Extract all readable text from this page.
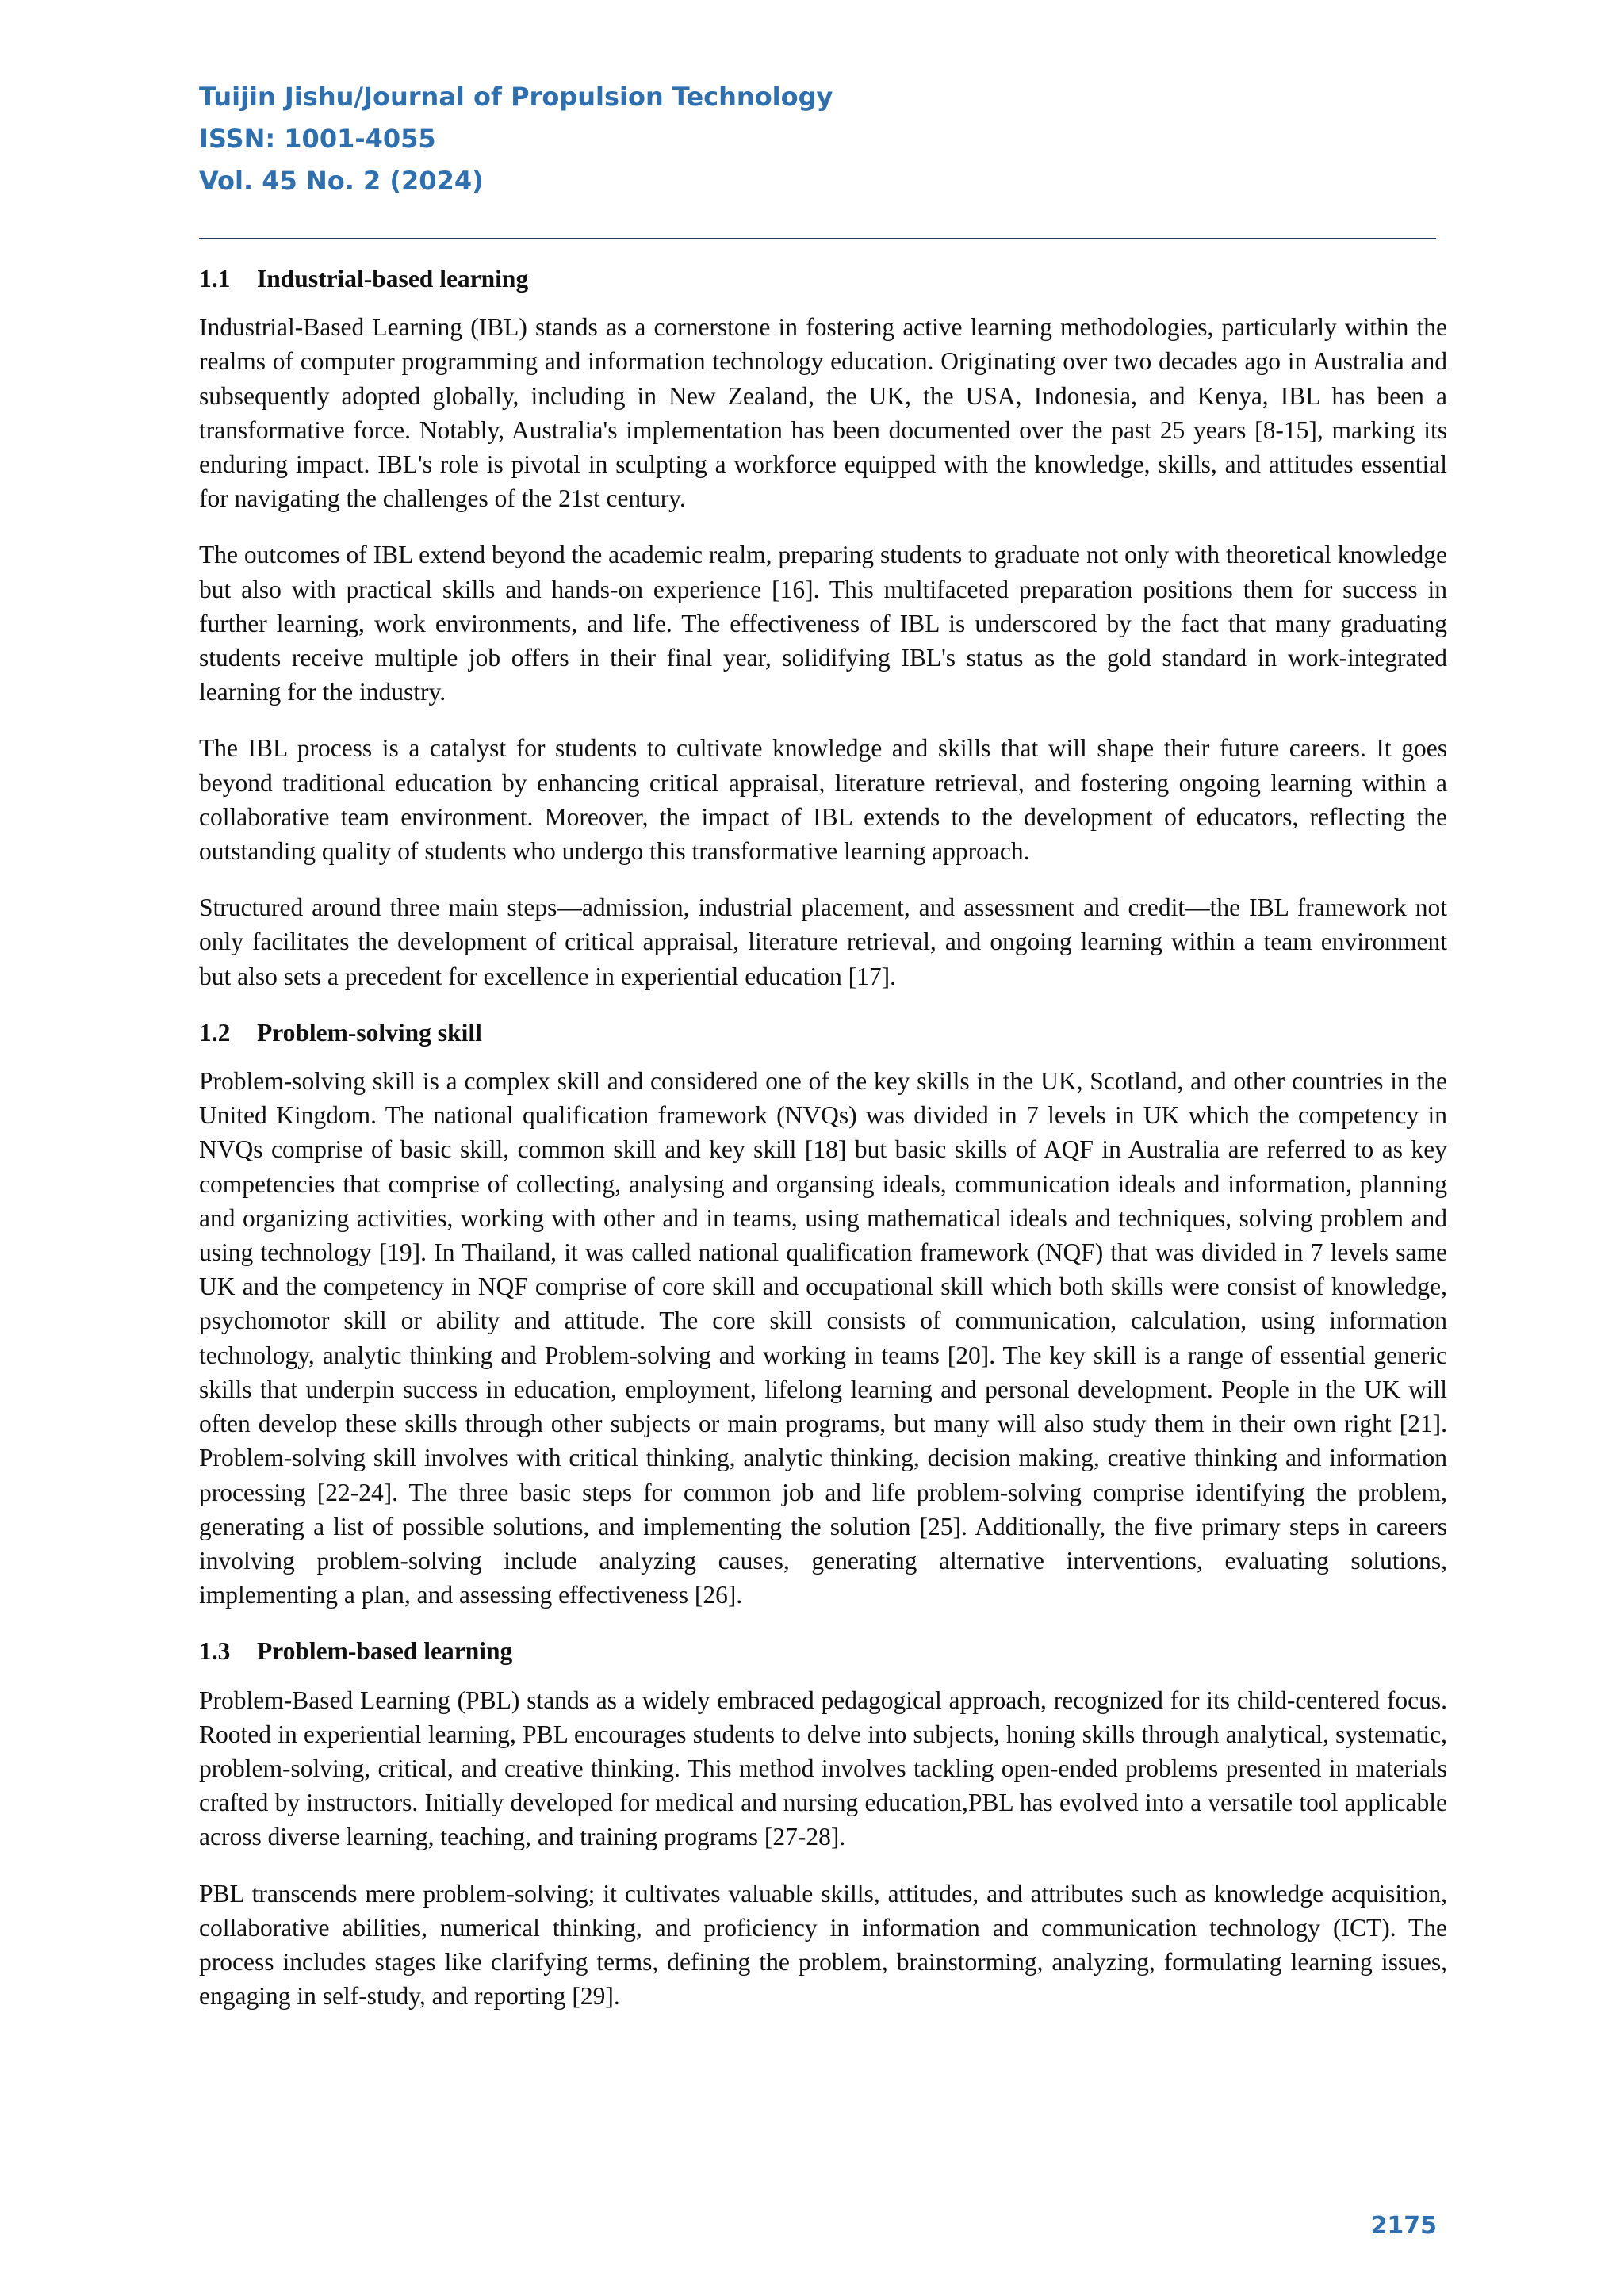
Tuijin Jishu/Journal of Propulsion Technology
ISSN: 1001-4055
Vol. 45 No. 2 (2024)
1.1 Industrial-based learning

Industrial-Based Learning (IBL) stands as a cornerstone in fostering active learning methodologies, particularly within the realms of computer programming and information technology education. Originating over two decades ago in Australia and subsequently adopted globally, including in New Zealand, the UK, the USA, Indonesia, and Kenya, IBL has been a transformative force. Notably, Australia's implementation has been documented over the past 25 years [8-15], marking its enduring impact. IBL's role is pivotal in sculpting a workforce equipped with the knowledge, skills, and attitudes essential for navigating the challenges of the 21st century.

The outcomes of IBL extend beyond the academic realm, preparing students to graduate not only with theoretical knowledge but also with practical skills and hands-on experience [16]. This multifaceted preparation positions them for success in further learning, work environments, and life. The effectiveness of IBL is underscored by the fact that many graduating students receive multiple job offers in their final year, solidifying IBL's status as the gold standard in work-integrated learning for the industry.

The IBL process is a catalyst for students to cultivate knowledge and skills that will shape their future careers. It goes beyond traditional education by enhancing critical appraisal, literature retrieval, and fostering ongoing learning within a collaborative team environment. Moreover, the impact of IBL extends to the development of educators, reflecting the outstanding quality of students who undergo this transformative learning approach.

Structured around three main steps—admission, industrial placement, and assessment and credit—the IBL framework not only facilitates the development of critical appraisal, literature retrieval, and ongoing learning within a team environment but also sets a precedent for excellence in experiential education [17].

1.2 Problem-solving skill

Problem-solving skill is a complex skill and considered one of the key skills in the UK, Scotland, and other countries in the United Kingdom. The national qualification framework (NVQs) was divided in 7 levels in UK which the competency in NVQs comprise of basic skill, common skill and key skill [18] but basic skills of AQF in Australia are referred to as key competencies that comprise of collecting, analysing and organsing ideals, communication ideals and information, planning and organizing activities, working with other and in teams, using mathematical ideals and techniques, solving problem and using technology [19]. In Thailand, it was called national qualification framework (NQF) that was divided in 7 levels same UK and the competency in NQF comprise of core skill and occupational skill which both skills were consist of knowledge, psychomotor skill or ability and attitude. The core skill consists of communication, calculation, using information technology, analytic thinking and Problem-solving and working in teams [20]. The key skill is a range of essential generic skills that underpin success in education, employment, lifelong learning and personal development. People in the UK will often develop these skills through other subjects or main programs, but many will also study them in their own right [21]. Problem-solving skill involves with critical thinking, analytic thinking, decision making, creative thinking and information processing [22-24]. The three basic steps for common job and life problem-solving comprise identifying the problem, generating a list of possible solutions, and implementing the solution [25]. Additionally, the five primary steps in careers involving problem-solving include analyzing causes, generating alternative interventions, evaluating solutions, implementing a plan, and assessing effectiveness [26].

1.3 Problem-based learning

Problem-Based Learning (PBL) stands as a widely embraced pedagogical approach, recognized for its child-centered focus. Rooted in experiential learning, PBL encourages students to delve into subjects, honing skills through analytical, systematic, problem-solving, critical, and creative thinking. This method involves tackling open-ended problems presented in materials crafted by instructors. Initially developed for medical and nursing education,PBL has evolved into a versatile tool applicable across diverse learning, teaching, and training programs [27-28].

PBL transcends mere problem-solving; it cultivates valuable skills, attitudes, and attributes such as knowledge acquisition, collaborative abilities, numerical thinking, and proficiency in information and communication technology (ICT). The process includes stages like clarifying terms, defining the problem, brainstorming, analyzing, formulating learning issues, engaging in self-study, and reporting [29].

2175
